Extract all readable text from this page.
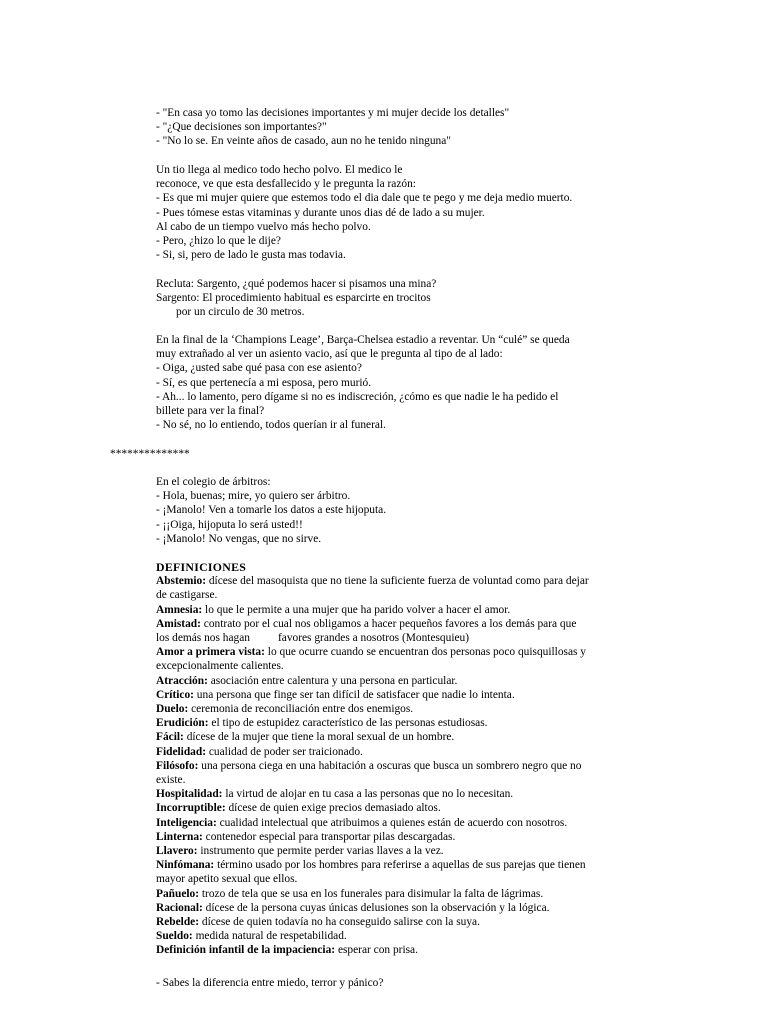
- "En casa yo tomo las decisiones importantes y mi mujer decide los detalles"
- "¿Que decisiones son importantes?"
- "No lo se. En veinte años de casado, aun no he tenido ninguna"
Un tio llega al medico todo hecho polvo. El medico le
reconoce, ve que esta desfallecido y le pregunta la razón:
- Es que mi mujer quiere que estemos todo el dia dale que te pego y me deja medio muerto.
- Pues tómese estas vitaminas y durante unos dias dé de lado a su mujer.
Al cabo de un tiempo vuelvo más hecho polvo.
- Pero, ¿hizo lo que le dije?
- Si, si, pero de lado le gusta mas todavia.
Recluta: Sargento, ¿qué podemos hacer si pisamos una mina?
Sargento: El procedimiento habitual es esparcirte en trocitos
por un circulo de 30 metros.
En la final de la ‘Champions Leage’, Barça-Chelsea estadio a reventar. Un “culé” se queda
muy extrañado al ver un asiento vacio, así que le pregunta al tipo de al lado:
- Oiga, ¿usted sabe qué pasa con ese asiento?
- Sí, es que pertenecía a mi esposa, pero murió.
- Ah... lo lamento, pero dígame si no es indiscreción, ¿cómo es que nadie le ha pedido el
billete para ver la final?
- No sé, no lo entiendo, todos querían ir al funeral.
**************
En el colegio de árbitros:
- Hola, buenas; mire, yo quiero ser árbitro.
- ¡Manolo! Ven a tomarle los datos a este hijoputa.
- ¡¡Oiga, hijoputa lo será usted!!
- ¡Manolo! No vengas, que no sirve.
DEFINICIONES
Abstemio: dícese del masoquista que no tiene la suficiente fuerza de voluntad como para dejar
de castigarse.
Amnesia: lo que le permite a una mujer que ha parido volver a hacer el amor.
Amistad: contrato por el cual nos obligamos a hacer pequeños favores a los demás para que
los demás nos hagan favores grandes a nosotros (Montesquieu)
Amor a primera vista: lo que ocurre cuando se encuentran dos personas poco quisquillosas y
excepcionalmente calientes.
Atracción: asociación entre calentura y una persona en particular.
Crítico: una persona que finge ser tan difícil de satisfacer que nadie lo intenta.
Duelo: ceremonia de reconciliación entre dos enemigos.
Erudición: el tipo de estupidez característico de las personas estudiosas.
Fácil: dícese de la mujer que tiene la moral sexual de un hombre.
Fidelidad: cualidad de poder ser traicionado.
Filósofo: una persona ciega en una habitación a oscuras que busca un sombrero negro que no
existe.
Hospitalidad: la virtud de alojar en tu casa a las personas que no lo necesitan.
Incorruptible: dícese de quien exige precios demasiado altos.
Inteligencia: cualidad intelectual que atribuimos a quienes están de acuerdo con nosotros.
Linterna: contenedor especial para transportar pilas descargadas.
Llavero: instrumento que permite perder varias llaves a la vez.
Ninfómana: término usado por los hombres para referirse a aquellas de sus parejas que tienen
mayor apetito sexual que ellos.
Pañuelo: trozo de tela que se usa en los funerales para disimular la falta de lágrimas.
Racional: dícese de la persona cuyas únicas delusiones son la observación y la lógica.
Rebelde: dícese de quien todavía no ha conseguido salirse con la suya.
Sueldo: medida natural de respetabilidad.
Definición infantil de la impaciencia: esperar con prisa.
- Sabes la diferencia entre miedo, terror y pánico?
